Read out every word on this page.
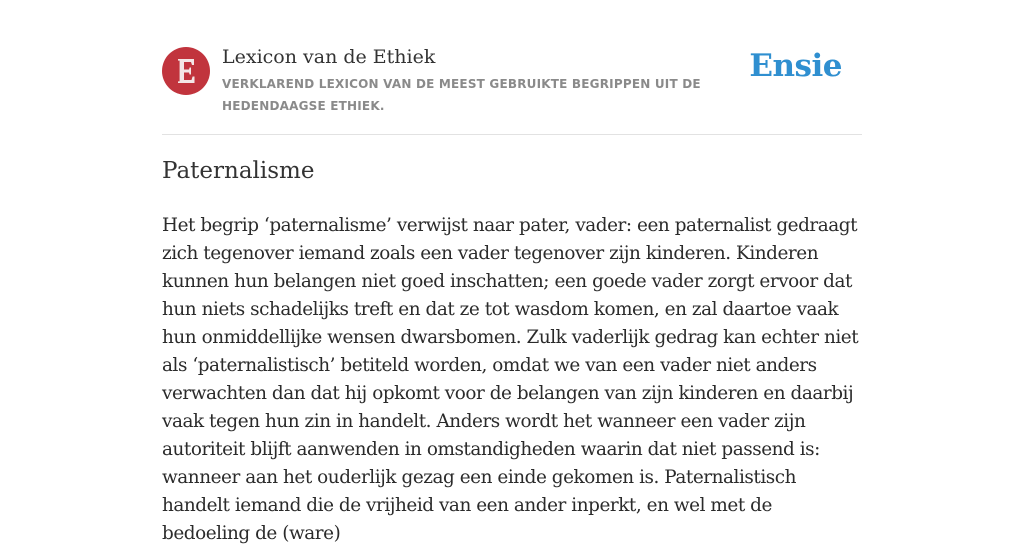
Lexicon van de Ethiek
VERKLAREND LEXICON VAN DE MEEST GEBRUIKTE BEGRIPPEN UIT DE HEDENDAAGSE ETHIEK.
Ensie
Paternalisme

Het begrip ‘paternalisme’ verwijst naar pater, vader: een paternalist gedraagt zich tegenover iemand zoals een vader tegenover zijn kinderen. Kinderen kunnen hun belangen niet goed inschatten; een goede vader zorgt ervoor dat hun niets schadelijks treft en dat ze tot wasdom komen, en zal daartoe vaak hun onmiddellijke wensen dwarsbomen. Zulk vaderlijk gedrag kan echter niet als ‘paternalistisch’ betiteld worden, omdat we van een vader niet anders verwachten dan dat hij opkomt voor de belangen van zijn kinderen en daarbij vaak tegen hun zin in handelt. Anders wordt het wanneer een vader zijn autoriteit blijft aanwenden in omstandigheden waarin dat niet passend is: wanneer aan het ouderlijk gezag een einde gekomen is. Paternalistisch handelt iemand die de vrijheid van een ander inperkt, en wel met de bedoeling de (ware)
